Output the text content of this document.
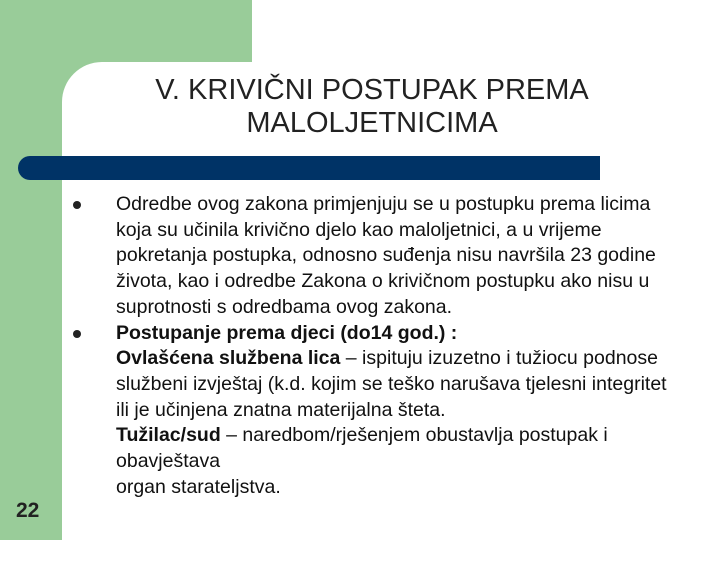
V. KRIVIČNI POSTUPAK PREMA
MALOLJETNICIMA

Odredbe ovog zakona primjenjuju se u postupku prema licima koja su učinila krivično djelo kao maloljetnici, a u vrijeme pokretanja postupka, odnosno suđenja nisu navršila 23 godine života, kao i odredbe Zakona o krivičnom postupku ako nisu u suprotnosti s odredbama ovog zakona.

Postupanje prema djeci (do14 god.) :

Ovlašćena službena lica – ispituju izuzetno i tužiocu podnose službeni izvještaj (k.d. kojim se teško narušava tjelesni integritet ili je učinjena znatna materijalna šteta.

Tužilac/sud – naredbom/rješenjem obustavlja postupak i obavještava

organ starateljstva.

22
